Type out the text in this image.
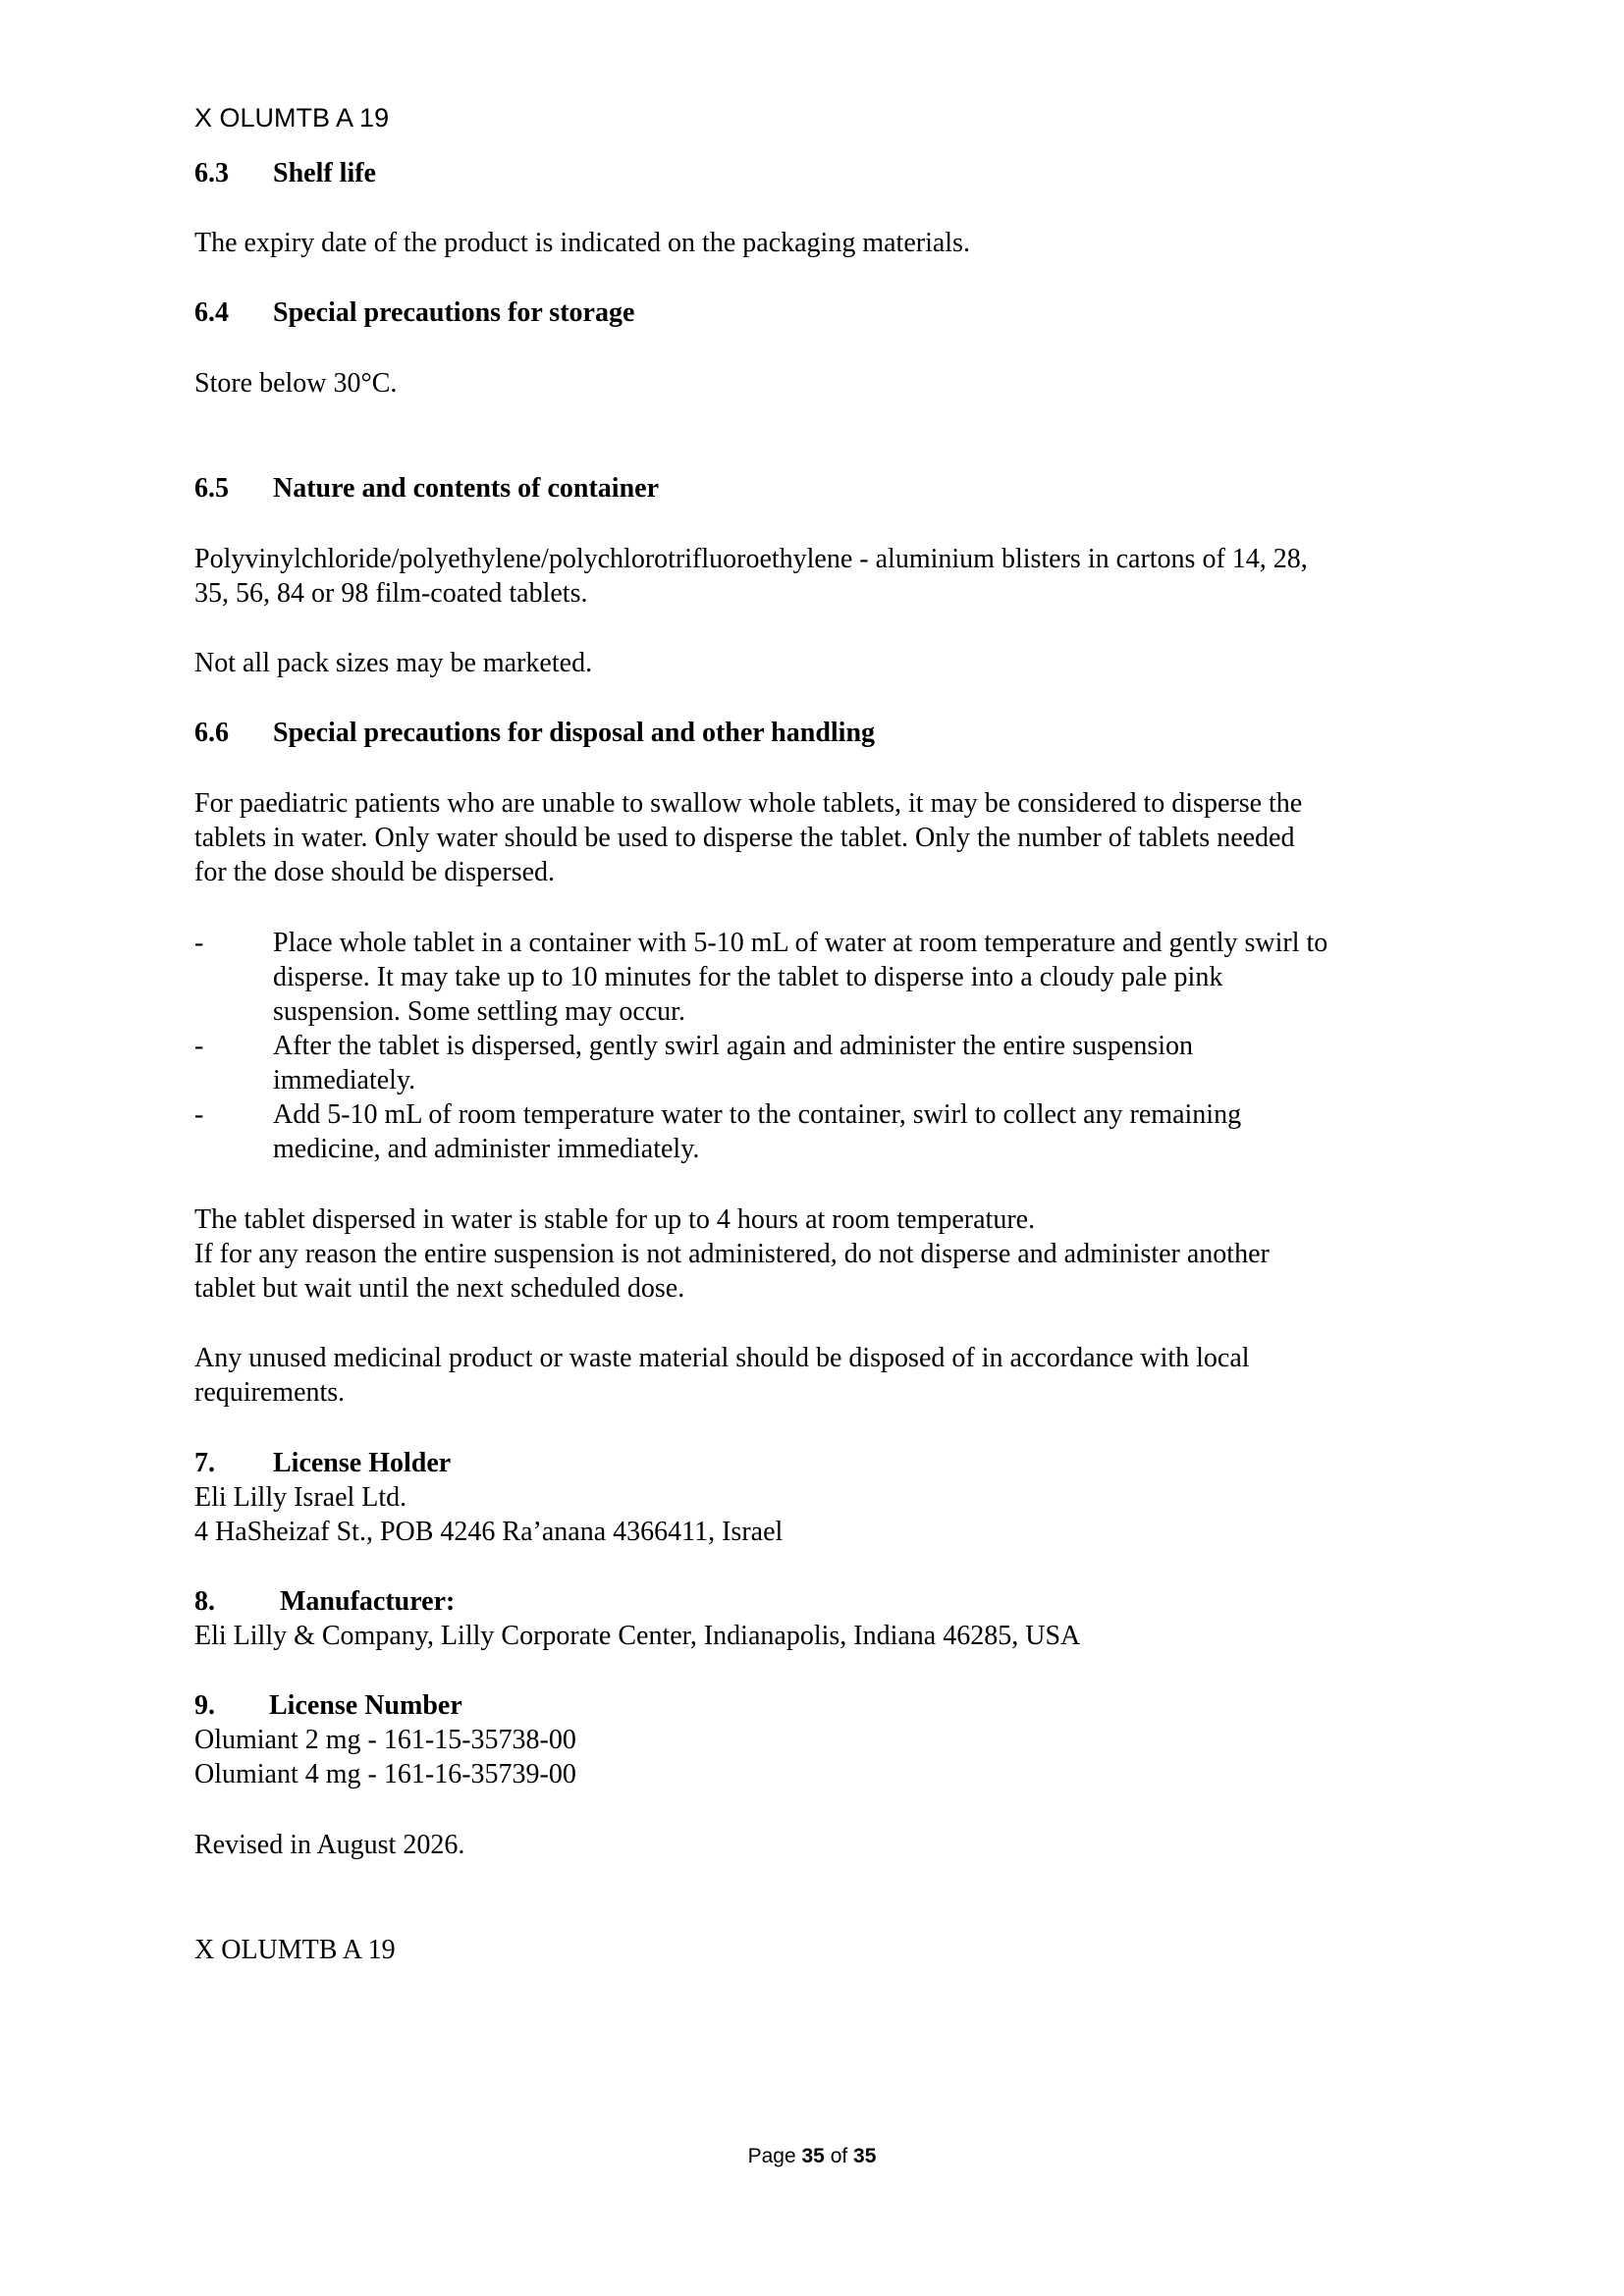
X OLUMTB A 19
6.3 Shelf life

The expiry date of the product is indicated on the packaging materials.

6.4 Special precautions for storage

Store below 30°C.

6.5 Nature and contents of container
Polyvinylchloride/polyethylene/polychlorotrifluoroethylene - aluminium blisters in cartons of 14, 28,
35, 56, 84 or 98 film-coated tablets.

Not all pack sizes may be marketed.

6.6 Special precautions for disposal and other handling
For paediatric patients who are unable to swallow whole tablets, it may be considered to disperse the
tablets in water. Only water should be used to disperse the tablet. Only the number of tablets needed
for the dose should be dispersed.
-	Place whole tablet in a container with 5-10 mL of water at room temperature and gently swirl to
disperse. It may take up to 10 minutes for the tablet to disperse into a cloudy pale pink
suspension. Some settling may occur.
-	After the tablet is dispersed, gently swirl again and administer the entire suspension
immediately.
-	Add 5-10 mL of room temperature water to the container, swirl to collect any remaining
medicine, and administer immediately.
The tablet dispersed in water is stable for up to 4 hours at room temperature.
If for any reason the entire suspension is not administered, do not disperse and administer another
tablet but wait until the next scheduled dose.
Any unused medicinal product or waste material should be disposed of in accordance with local
requirements.
7. License Holder
Eli Lilly Israel Ltd.
4 HaSheizaf St., POB 4246 Ra’anana 4366411, Israel
8. Manufacturer:
Eli Lilly & Company, Lilly Corporate Center, Indianapolis, Indiana 46285, USA
9. License Number
Olumiant 2 mg - 161-15-35738-00
Olumiant 4 mg - 161-16-35739-00

Revised in August 2026.

X OLUMTB A 19

Page 35 of 35
